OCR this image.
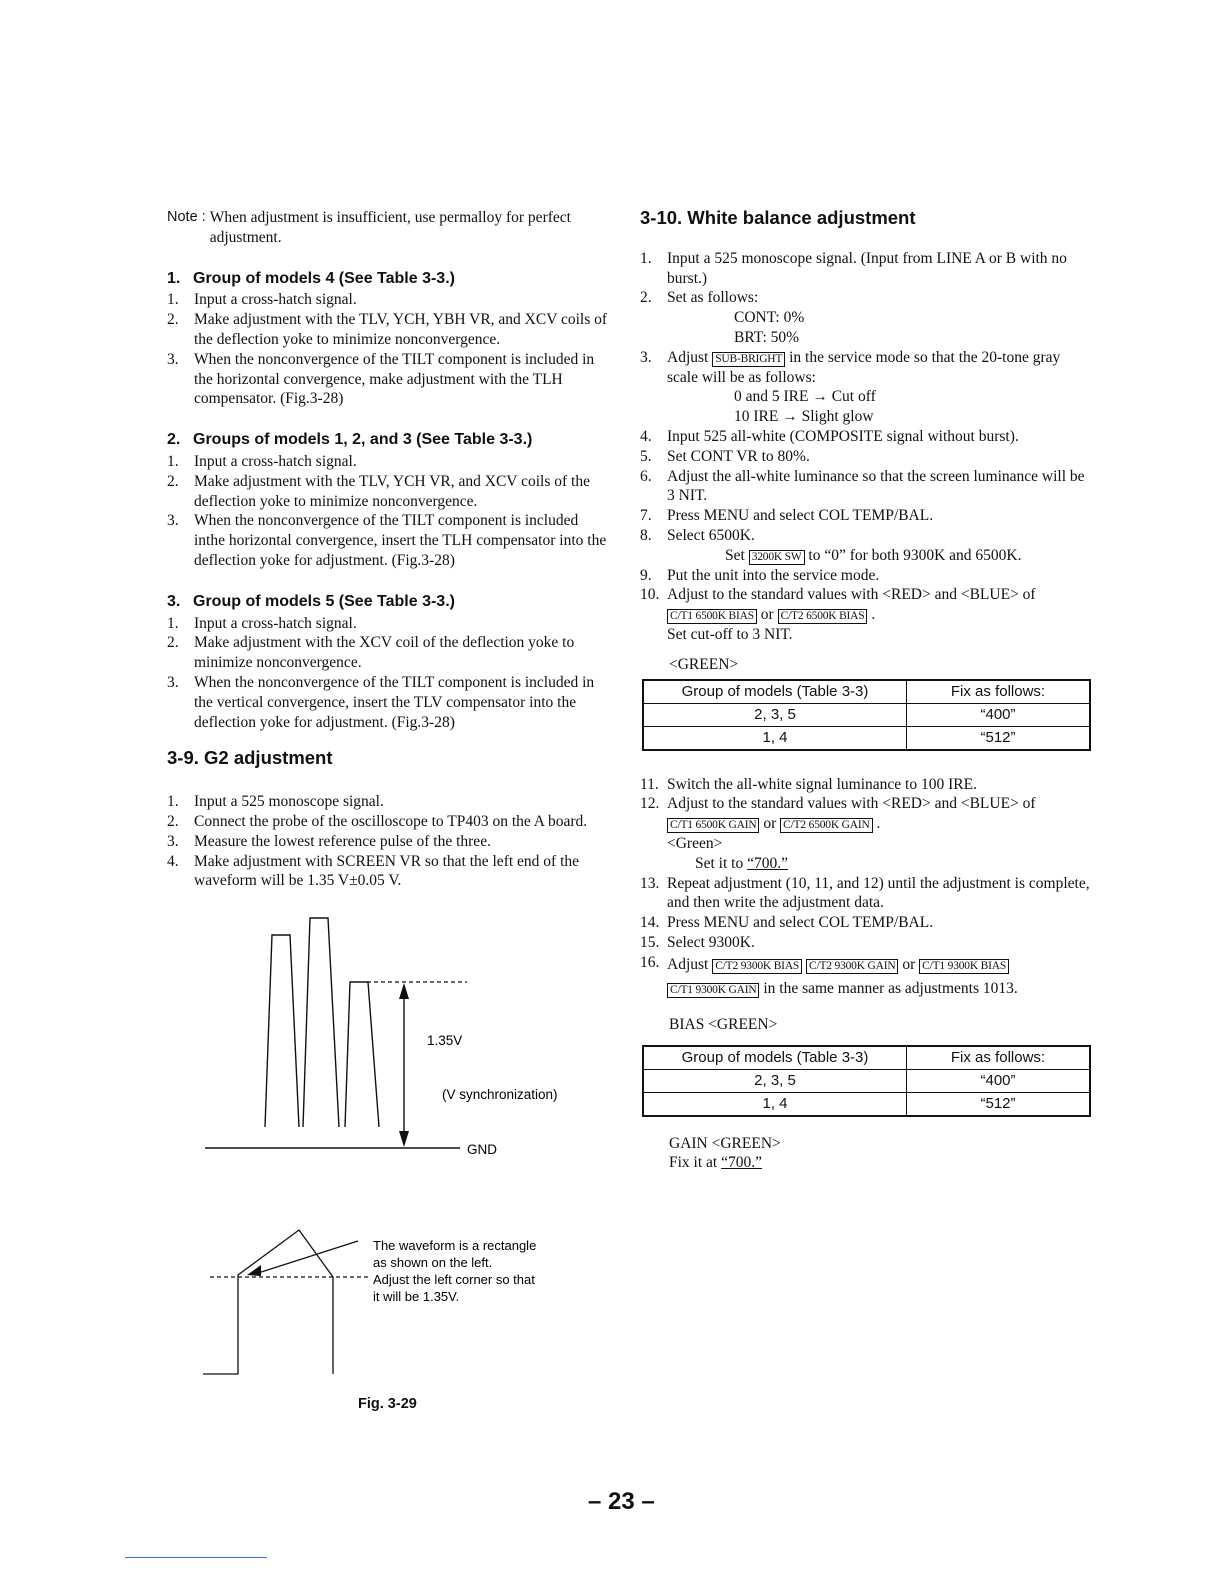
Note : When adjustment is insufficient, use permalloy for perfect adjustment.
1. Group of models 4 (See Table 3-3.)
1. Input a cross-hatch signal.
2. Make adjustment with the TLV, YCH, YBH VR, and XCV coils of the deflection yoke to minimize nonconvergence.
3. When the nonconvergence of the TILT component is included in the horizontal convergence, make adjustment with the TLH compensator. (Fig.3-28)
2. Groups of models 1, 2, and 3 (See Table 3-3.)
1. Input a cross-hatch signal.
2. Make adjustment with the TLV, YCH VR, and XCV coils of the deflection yoke to minimize nonconvergence.
3. When the nonconvergence of the TILT component is included inthe horizontal convergence, insert the TLH compensator into the deflection yoke for adjustment. (Fig.3-28)
3. Group of models 5 (See Table 3-3.)
1. Input a cross-hatch signal.
2. Make adjustment with the XCV coil of the deflection yoke to minimize nonconvergence.
3. When the nonconvergence of the TILT component is included in the vertical convergence, insert the TLV compensator into the deflection yoke for adjustment. (Fig.3-28)
3-9. G2 adjustment
1. Input a 525 monoscope signal.
2. Connect the probe of the oscilloscope to TP403 on the A board.
3. Measure the lowest reference pulse of the three.
4. Make adjustment with SCREEN VR so that the left end of the waveform will be 1.35 V±0.05 V.
1.35V
(V synchronization)
GND
The waveform is a rectangle as shown on the left. Adjust the left corner so that it will be 1.35V.
Fig. 3-29
3-10. White balance adjustment
1. Input a 525 monoscope signal. (Input from LINE A or B with no burst.)
2. Set as follows:
CONT: 0%
BRT: 50%
3. Adjust SUB-BRIGHT in the service mode so that the 20-tone gray scale will be as follows:
0 and 5 IRE → Cut off
10 IRE → Slight glow
4. Input 525 all-white (COMPOSITE signal without burst).
5. Set CONT VR to 80%.
6. Adjust the all-white luminance so that the screen luminance will be 3 NIT.
7. Press MENU and select COL TEMP/BAL.
8. Select 6500K.
Set 3200K SW to “0” for both 9300K and 6500K.
9. Put the unit into the service mode.
10. Adjust to the standard values with <RED> and <BLUE> of
C/T1 6500K BIAS or C/T2 6500K BIAS .
Set cut-off to 3 NIT.
<GREEN>
Group of models (Table 3-3)	Fix as follows:
2, 3, 5	“400”
1, 4	“512”
11. Switch the all-white signal luminance to 100 IRE.
12. Adjust to the standard values with <RED> and <BLUE> of
C/T1 6500K GAIN or C/T2 6500K GAIN .
<Green>
Set it to “700.”
13. Repeat adjustment (10, 11, and 12) until the adjustment is complete, and then write the adjustment data.
14. Press MENU and select COL TEMP/BAL.
15. Select 9300K.
16. Adjust C/T2 9300K BIAS C/T2 9300K GAIN or C/T1 9300K BIAS C/T1 9300K GAIN in the same manner as adjustments 1013.
BIAS <GREEN>
Group of models (Table 3-3)	Fix as follows:
2, 3, 5	“400”
1, 4	“512”
GAIN <GREEN>
Fix it at “700.”
– 23 –
